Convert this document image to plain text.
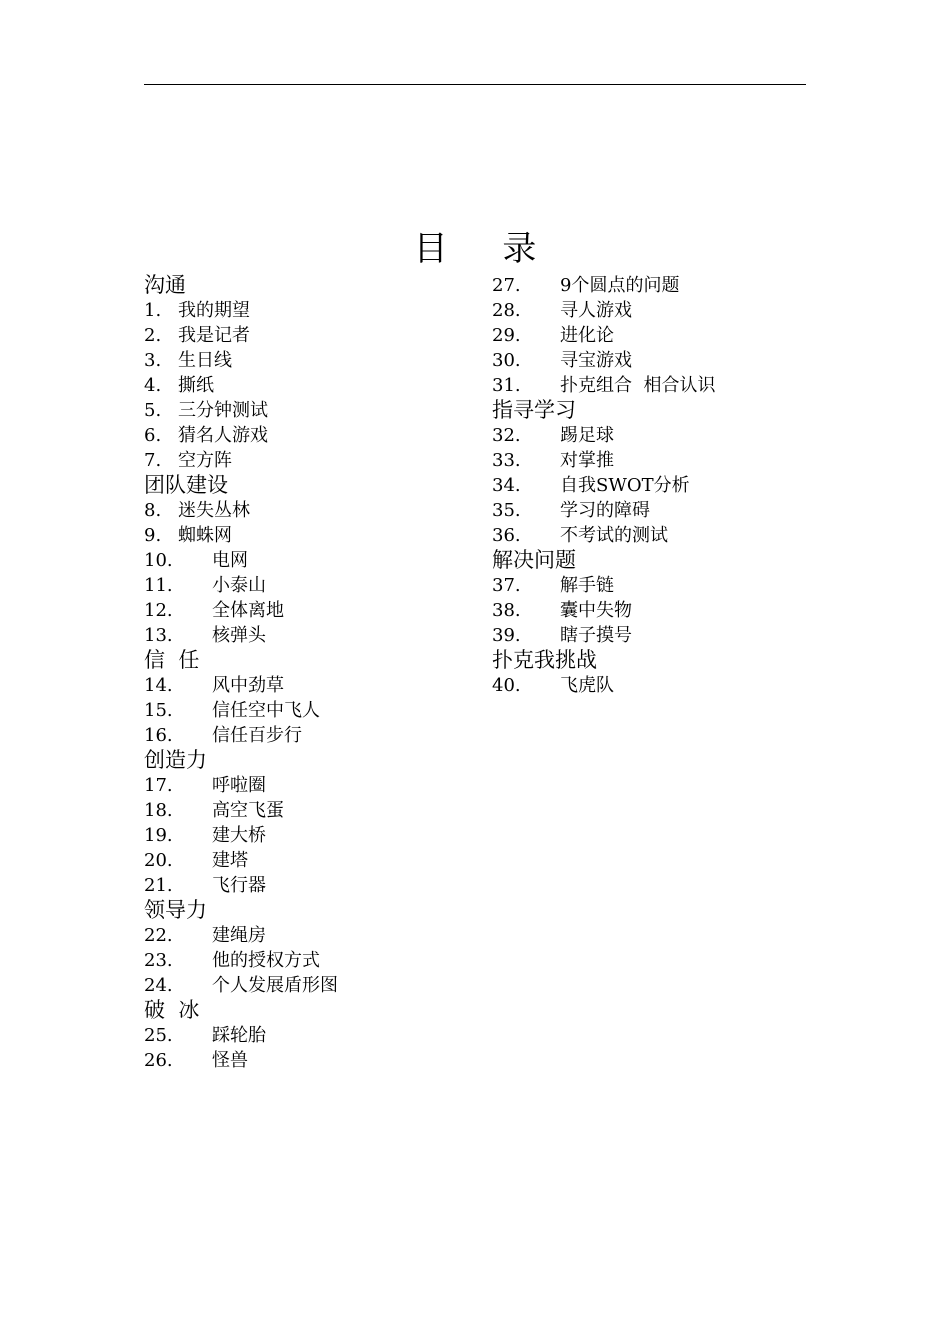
目 录
沟通
1. 我的期望
2. 我是记者
3. 生日线
4. 撕纸
5. 三分钟测试
6. 猜名人游戏
7. 空方阵
团队建设
8. 迷失丛林
9. 蜘蛛网
10.	电网
11.	小泰山
12.	全体离地
13.	核弹头
信  任
14.	风中劲草
15.	信任空中飞人
16.	信任百步行
创造力
17.	呼啦圈
18.	高空飞蛋
19.	建大桥
20.	建塔
21.	飞行器
领导力
22.	建绳房
23.	他的授权方式
24.	个人发展盾形图
破  冰
25.	踩轮胎
26.	怪兽
27.	9个圆点的问题
28.	寻人游戏
29.	进化论
30.	寻宝游戏
31.	扑克组合  相合认识
指寻学习
32.	踢足球
33.	对掌推
34.	自我SWOT分析
35.	学习的障碍
36.	不考试的测试
解决问题
37.	解手链
38.	囊中失物
39.	瞎子摸号
扑克我挑战
40.	飞虎队
